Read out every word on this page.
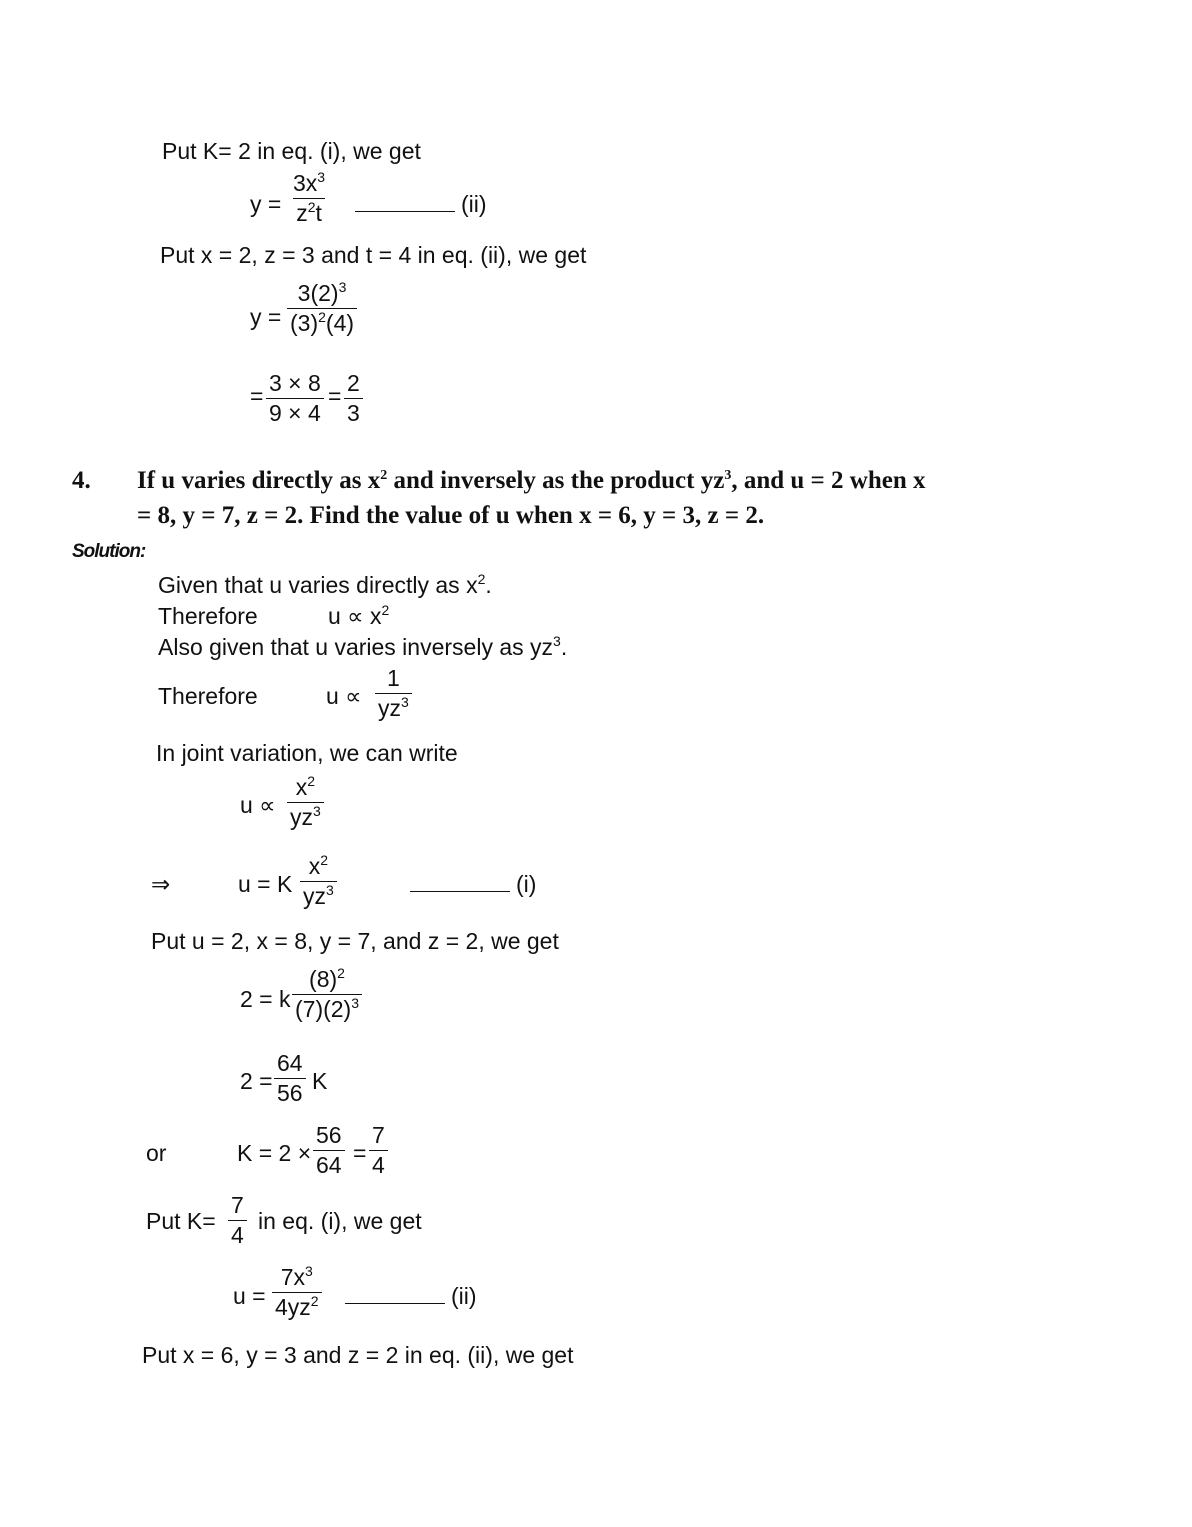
Put K= 2 in eq. (i), we get
$y = \frac{3x^3}{z^2t}$	(ii)
Put x = 2, z = 3 and t = 4 in eq. (ii), we get
$y = \frac{3(2)^3}{(3)^2(4)}$
= $\frac{3 \times 8}{9 \times 4} = \frac{2}{3}$
4. If u varies directly as $x^2$ and inversely as the product $yz^3$, and u = 2 when x
= 8, y = 7, z = 2. Find the value of u when x = 6, y = 3, z = 2.
Solution:
Given that u varies directly as $x^2$.
Therefore	$u \propto x^2$
Also given that u varies inversely as $yz^3$.
Therefore	$u \propto \frac{1}{yz^3}$
In joint variation, we can write
$u \propto \frac{x^2}{yz^3}$
⇒	u = K $\frac{x^2}{yz^3}$	(i)
Put u = 2, x = 8, y = 7, and z = 2, we get
2 = k $\frac{(8)^2}{(7)(2)^3}$
$2 = \frac{64}{56}$ K
or	$K = 2 \times \frac{56}{64} = \frac{7}{4}$
Put $K= \frac{7}{4}$ in eq. (i), we get
$u = \frac{7x^3}{4yz^2}$	(ii)
Put x = 6, y = 3 and z = 2 in eq. (ii), we get
